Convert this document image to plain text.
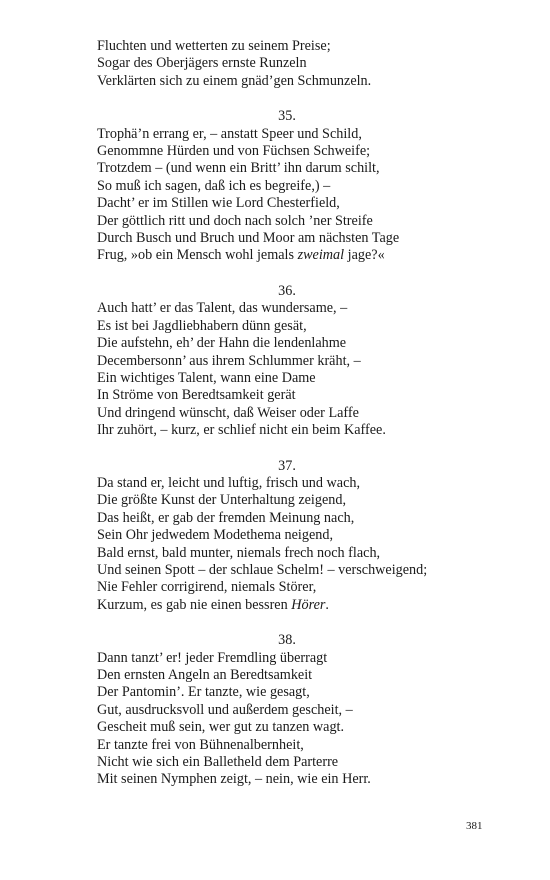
Fluchten und wetterten zu seinem Preise;
Sogar des Oberjägers ernste Runzeln
Verklärten sich zu einem gnäd’gen Schmunzeln.
35.
Trophä’n errang er, – anstatt Speer und Schild,
Genommne Hürden und von Füchsen Schweife;
Trotzdem – (und wenn ein Britt’ ihn darum schilt,
So muß ich sagen, daß ich es begreife,) –
Dacht’ er im Stillen wie Lord Chesterfield,
Der göttlich ritt und doch nach solch ’ner Streife
Durch Busch und Bruch und Moor am nächsten Tage
Frug, »ob ein Mensch wohl jemals zweimal jage?«
36.
Auch hatt’ er das Talent, das wundersame, –
Es ist bei Jagdliebhabern dünn gesät,
Die aufstehn, eh’ der Hahn die lendenlahme
Decembersonn’ aus ihrem Schlummer kräht, –
Ein wichtiges Talent, wann eine Dame
In Ströme von Beredtsamkeit gerät
Und dringend wünscht, daß Weiser oder Laffe
Ihr zuhört, – kurz, er schlief nicht ein beim Kaffee.
37.
Da stand er, leicht und luftig, frisch und wach,
Die größte Kunst der Unterhaltung zeigend,
Das heißt, er gab der fremden Meinung nach,
Sein Ohr jedwedem Modethema neigend,
Bald ernst, bald munter, niemals frech noch flach,
Und seinen Spott – der schlaue Schelm! – verschweigend;
Nie Fehler corrigirend, niemals Störer,
Kurzum, es gab nie einen bessren Hörer.
38.
Dann tanzt’ er! jeder Fremdling überragt
Den ernsten Angeln an Beredtsamkeit
Der Pantomin’. Er tanzte, wie gesagt,
Gut, ausdrucksvoll und außerdem gescheit, –
Gescheit muß sein, wer gut zu tanzen wagt.
Er tanzte frei von Bühnenalbernheit,
Nicht wie sich ein Balletheld dem Parterre
Mit seinen Nymphen zeigt, – nein, wie ein Herr.
381
